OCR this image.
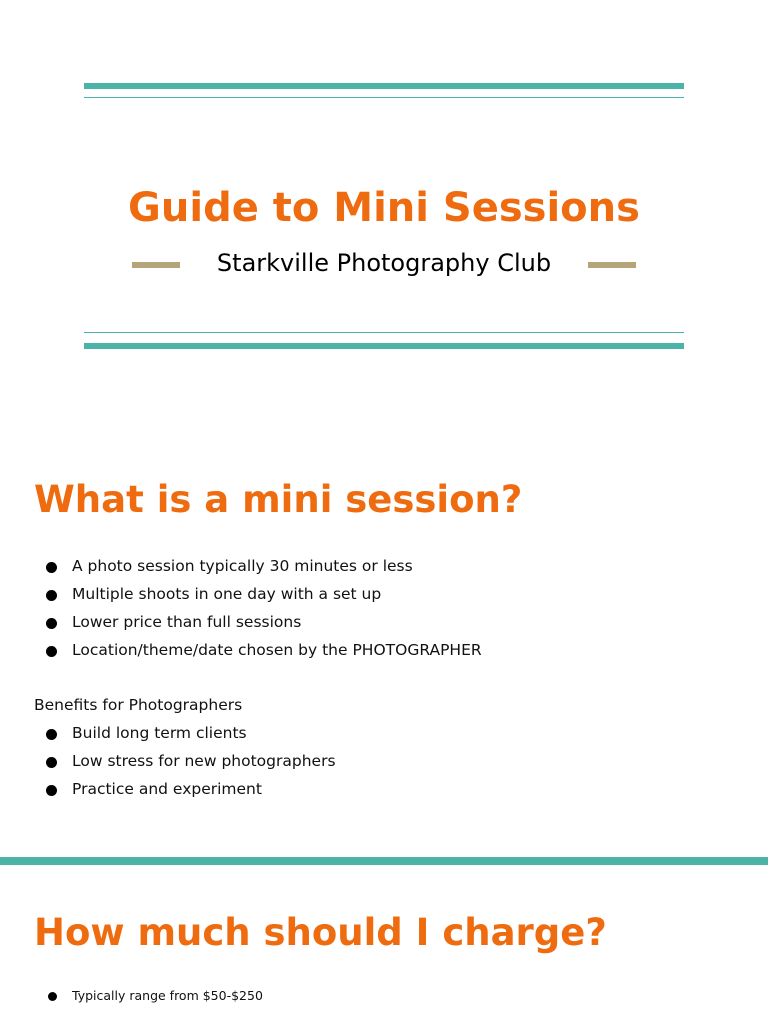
Guide to Mini Sessions
Starkville Photography Club
What is a mini session?
A photo session typically 30 minutes or less
Multiple shoots in one day with a set up
Lower price than full sessions
Location/theme/date chosen by the PHOTOGRAPHER

Benefits for Photographers

Build long term clients
Low stress for new photographers
Practice and experiment
How much should I charge?
Typically range from $50-$250
